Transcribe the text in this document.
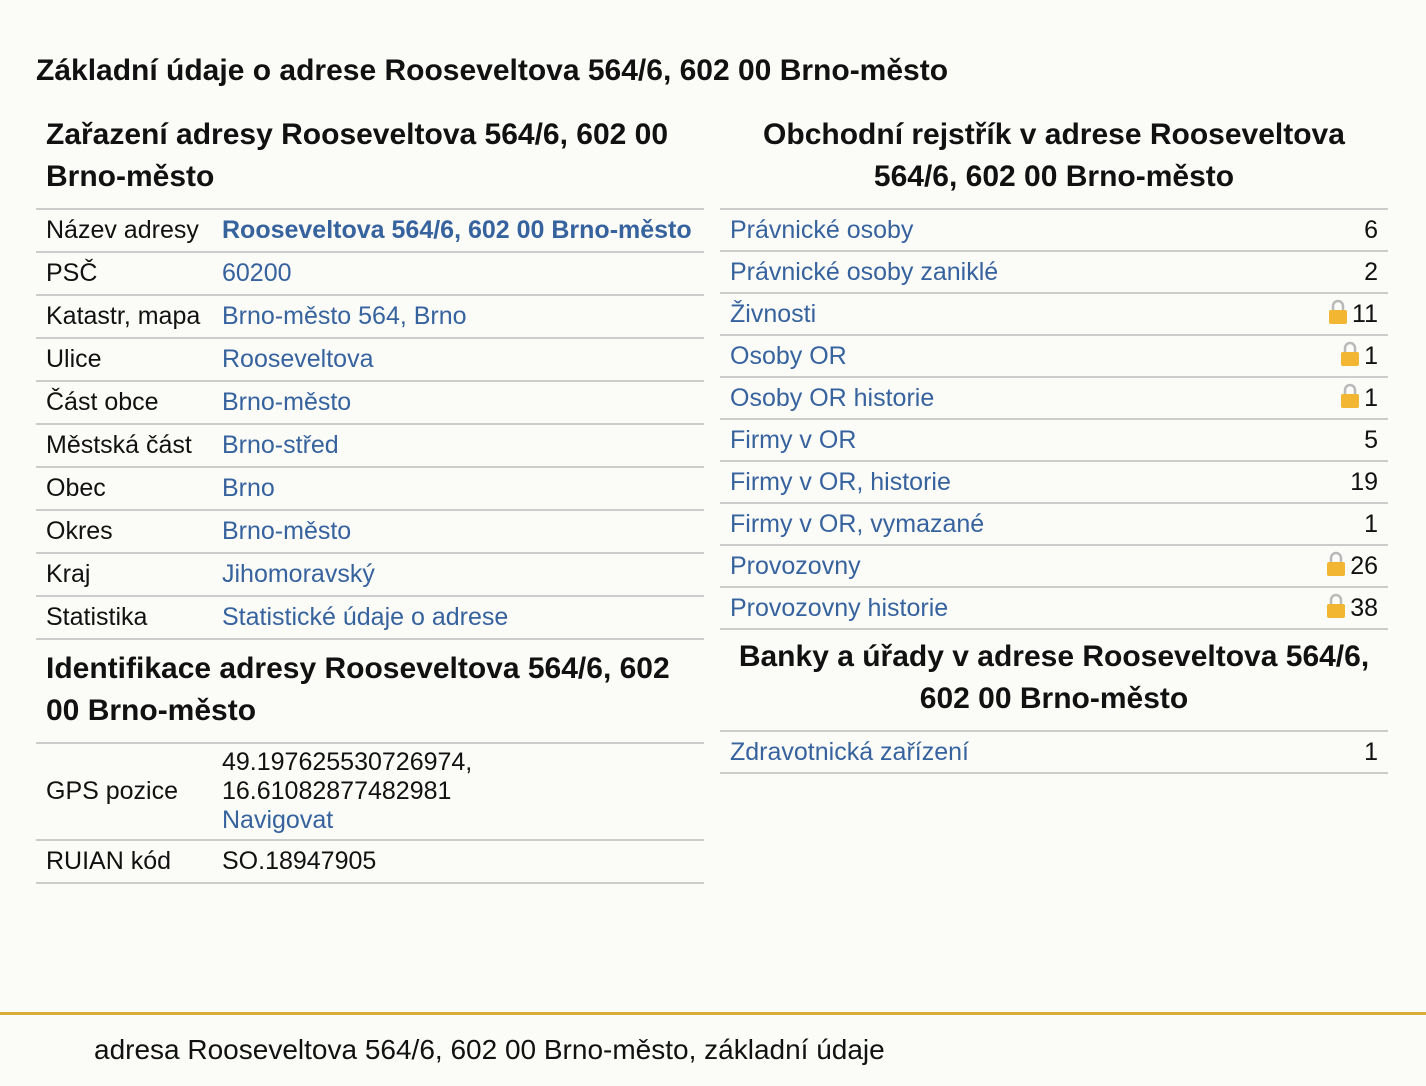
Základní údaje o adrese Rooseveltova 564/6, 602 00 Brno-město
Zařazení adresy Rooseveltova 564/6, 602 00 Brno-město
Název adresy	Rooseveltova 564/6, 602 00 Brno-město
PSČ	60200
Katastr, mapa	Brno-město 564, Brno
Ulice	Rooseveltova
Část obce	Brno-město
Městská část	Brno-střed
Obec	Brno
Okres	Brno-město
Kraj	Jihomoravský
Statistika	Statistické údaje o adrese
Identifikace adresy Rooseveltova 564/6, 602 00 Brno-město
GPS pozice	49.197625530726974,
16.61082877482981
Navigovat
RUIAN kód	SO.18947905
Obchodní rejstřík v adrese Rooseveltova 564/6, 602 00 Brno-město
Právnické osoby	6
Právnické osoby zaniklé	2
Živnosti	11
Osoby OR	1
Osoby OR historie	1
Firmy v OR	5
Firmy v OR, historie	19
Firmy v OR, vymazané	1
Provozovny	26
Provozovny historie	38
Banky a úřady v adrese Rooseveltova 564/6, 602 00 Brno-město
Zdravotnická zařízení	1
adresa Rooseveltova 564/6, 602 00 Brno-město, základní údaje
